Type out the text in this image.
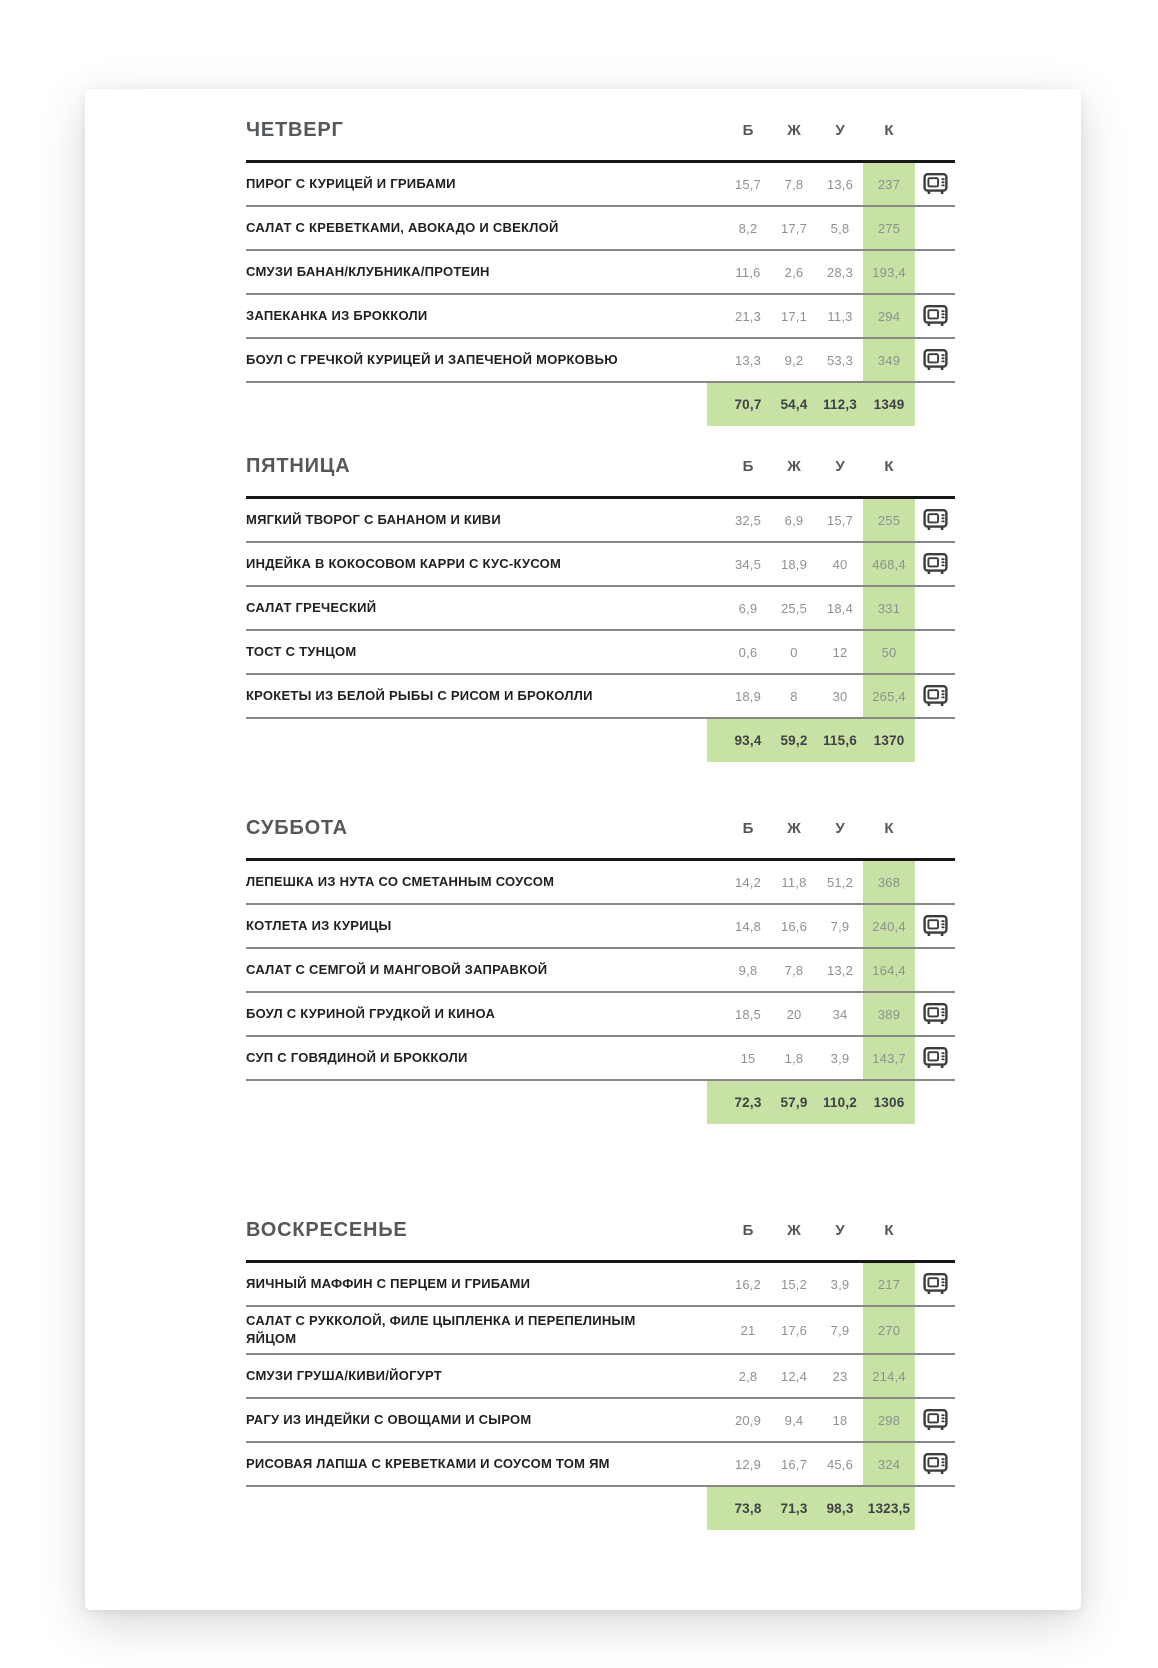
ЧЕТВЕРГ	Б	Ж	У	К
ПИРОГ С КУРИЦЕЙ И ГРИБАМИ	15,7	7,8	13,6	237
САЛАТ С КРЕВЕТКАМИ, АВОКАДО И СВЕКЛОЙ	8,2	17,7	5,8	275
СМУЗИ БАНАН/КЛУБНИКА/ПРОТЕИН	11,6	2,6	28,3	193,4
ЗАПЕКАНКА ИЗ БРОККОЛИ	21,3	17,1	11,3	294
БОУЛ С ГРЕЧКОЙ КУРИЦЕЙ И ЗАПЕЧЕНОЙ МОРКОВЬЮ	13,3	9,2	53,3	349
70,7	54,4	112,3	1349
ПЯТНИЦА	Б	Ж	У	К
МЯГКИЙ ТВОРОГ С БАНАНОМ И КИВИ	32,5	6,9	15,7	255
ИНДЕЙКА В КОКОСОВОМ КАРРИ С КУС-КУСОМ	34,5	18,9	40	468,4
САЛАТ ГРЕЧЕСКИЙ	6,9	25,5	18,4	331
ТОСТ С ТУНЦОМ	0,6	0	12	50
КРОКЕТЫ ИЗ БЕЛОЙ РЫБЫ С РИСОМ И БРОКОЛЛИ	18,9	8	30	265,4
93,4	59,2	115,6	1370
СУББОТА	Б	Ж	У	К
ЛЕПЕШКА ИЗ НУТА СО СМЕТАННЫМ СОУСОМ	14,2	11,8	51,2	368
КОТЛЕТА ИЗ КУРИЦЫ	14,8	16,6	7,9	240,4
САЛАТ С СЕМГОЙ И МАНГОВОЙ ЗАПРАВКОЙ	9,8	7,8	13,2	164,4
БОУЛ С КУРИНОЙ ГРУДКОЙ И КИНОА	18,5	20	34	389
СУП С ГОВЯДИНОЙ И БРОККОЛИ	15	1,8	3,9	143,7
72,3	57,9	110,2	1306
ВОСКРЕСЕНЬЕ	Б	Ж	У	К
ЯИЧНЫЙ МАФФИН С ПЕРЦЕМ И ГРИБАМИ	16,2	15,2	3,9	217
САЛАТ С РУККОЛОЙ, ФИЛЕ ЦЫПЛЕНКА И ПЕРЕПЕЛИНЫМ ЯЙЦОМ
21	17,6	7,9	270
СМУЗИ ГРУША/КИВИ/ЙОГУРТ	2,8	12,4	23	214,4
РАГУ ИЗ ИНДЕЙКИ С ОВОЩАМИ И СЫРОМ	20,9	9,4	18	298
РИСОВАЯ ЛАПША С КРЕВЕТКАМИ И СОУСОМ ТОМ ЯМ	12,9	16,7	45,6	324
73,8	71,3	98,3	1323,5
